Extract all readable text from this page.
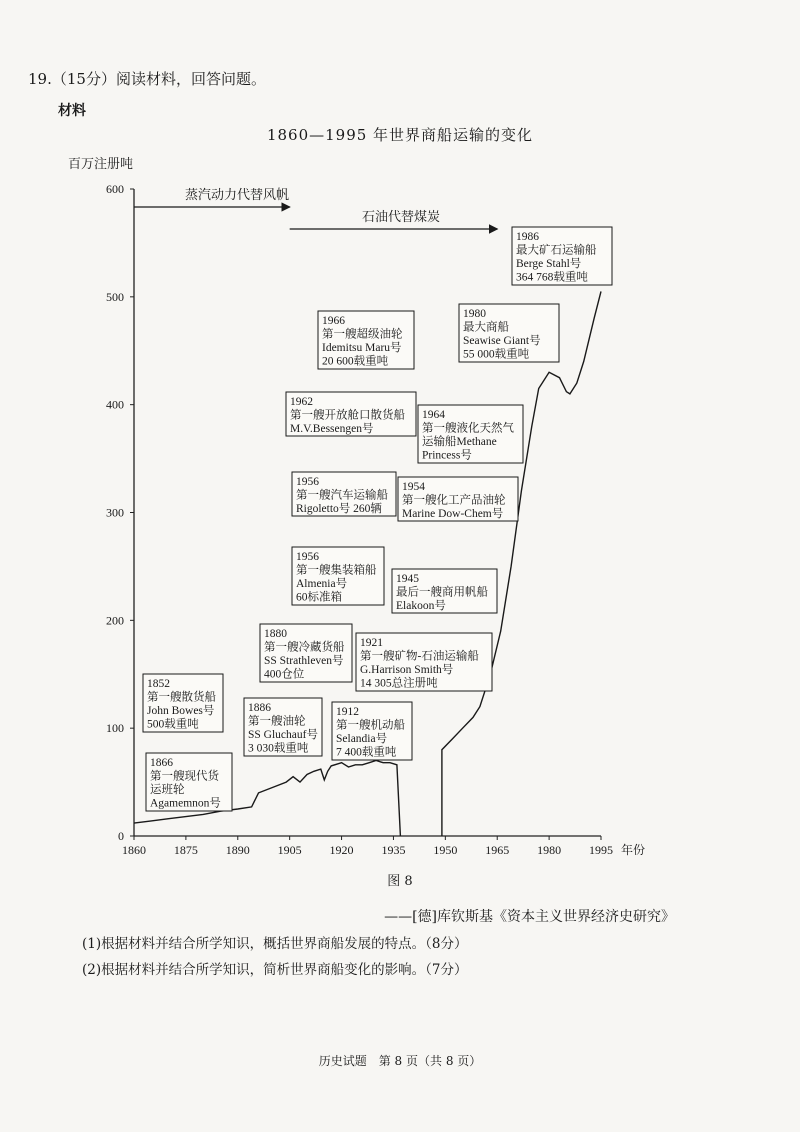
19.（15分）阅读材料，回答问题。
材料
1860—1995 年世界商船运输的变化
百万注册吨
0
100
200
300
400
500
600
1860 1875 1890 1905 1920 1935 1950 1965 1980 1995 年份
蒸汽动力代替风帆
石油代替煤炭
1852
第一艘散货船
John Bowes号
500载重吨
1866
第一艘现代货
运班轮
Agamemnon号
1880
第一艘冷藏货船
SS Strathleven号
400仓位
1886
第一艘油轮
SS Gluchauf号
3 030载重吨
1912
第一艘机动船
Selandia号
7 400载重吨
1921
第一艘矿物-石油运输船
G.Harrison Smith号
14 305总注册吨
1945
最后一艘商用帆船
Elakoon号
1956
第一艘集装箱船
Almenia号
60标准箱
1956
第一艘汽车运输船
Rigoletto号 260辆
1954
第一艘化工产品油轮
Marine Dow-Chem号
1962
第一艘开放舱口散货船
M.V.Bessengen号
1964
第一艘液化天然气
运输船Methane
Princess号
1966
第一艘超级油轮
Idemitsu Maru号
20 600载重吨
1980
最大商船
Seawise Giant号
55 000载重吨
1986
最大矿石运输船
Berge Stahl号
364 768载重吨
图 8
——[德]库钦斯基《资本主义世界经济史研究》
(1)根据材料并结合所学知识，概括世界商船发展的特点。（8分）
(2)根据材料并结合所学知识，简析世界商船变化的影响。（7分）
历史试题　第 8 页（共 8 页）
